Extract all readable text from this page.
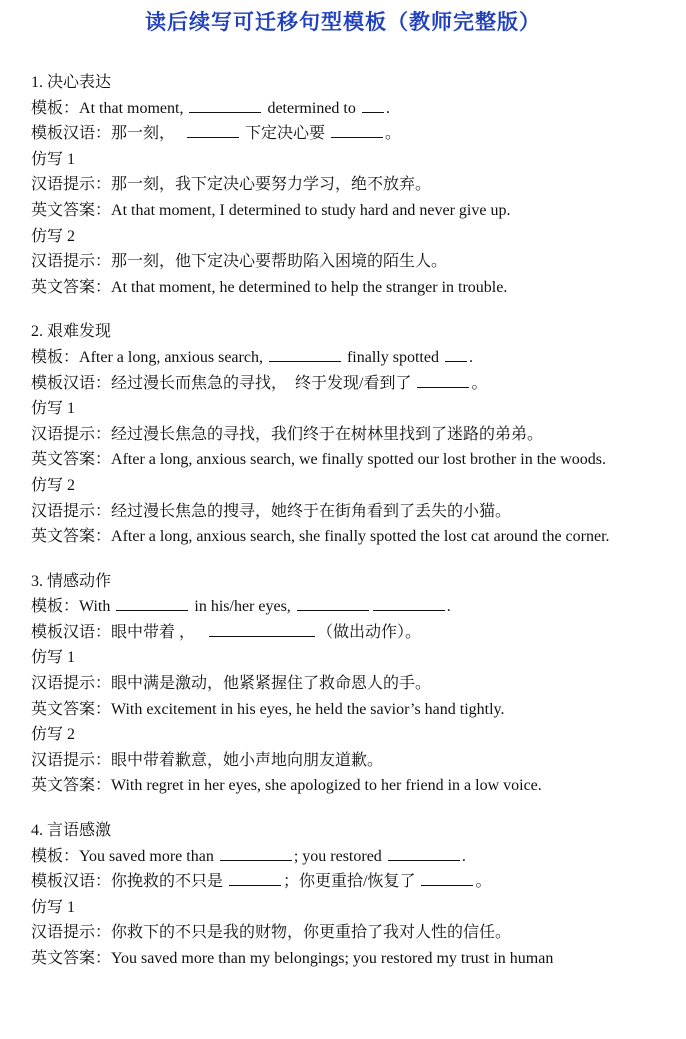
读后续写可迁移句型模板（教师完整版）
1. 决心表达
模板：At that moment,	determined to .
模板汉语：那一刻，	下定决心要	。
仿写 1
汉语提示：那一刻，我下定决心要努力学习，绝不放弃。
英文答案：At that moment, I determined to study hard and never give up.
仿写 2
汉语提示：那一刻，他下定决心要帮助陷入困境的陌生人。
英文答案：At that moment, he determined to help the stranger in trouble.
2. 艰难发现
模板：After a long, anxious search,	finally spotted .
模板汉语：经过漫长而焦急的寻找，  终于发现/看到了	。
仿写 1
汉语提示：经过漫长焦急的寻找，我们终于在树林里找到了迷路的弟弟。
英文答案：After a long, anxious search, we finally spotted our lost brother in the woods.
仿写 2
汉语提示：经过漫长焦急的搜寻，她终于在街角看到了丢失的小猫。
英文答案：After a long, anxious search, she finally spotted the lost cat around the corner.
3. 情感动作
模板：With	in his/her eyes,	.
模板汉语：眼中带着 ，	（做出动作）。
仿写 1
汉语提示：眼中满是激动，他紧紧握住了救命恩人的手。
英文答案：With excitement in his eyes, he held the savior’s hand tightly.
仿写 2
汉语提示：眼中带着歉意，她小声地向朋友道歉。
英文答案：With regret in her eyes, she apologized to her friend in a low voice.
4. 言语感激
模板：You saved more than	; you restored	.
模板汉语：你挽救的不只是	；你更重拾/恢复了	。
仿写 1
汉语提示：你救下的不只是我的财物，你更重拾了我对人性的信任。
英文答案：You saved more than my belongings; you restored my trust in human
